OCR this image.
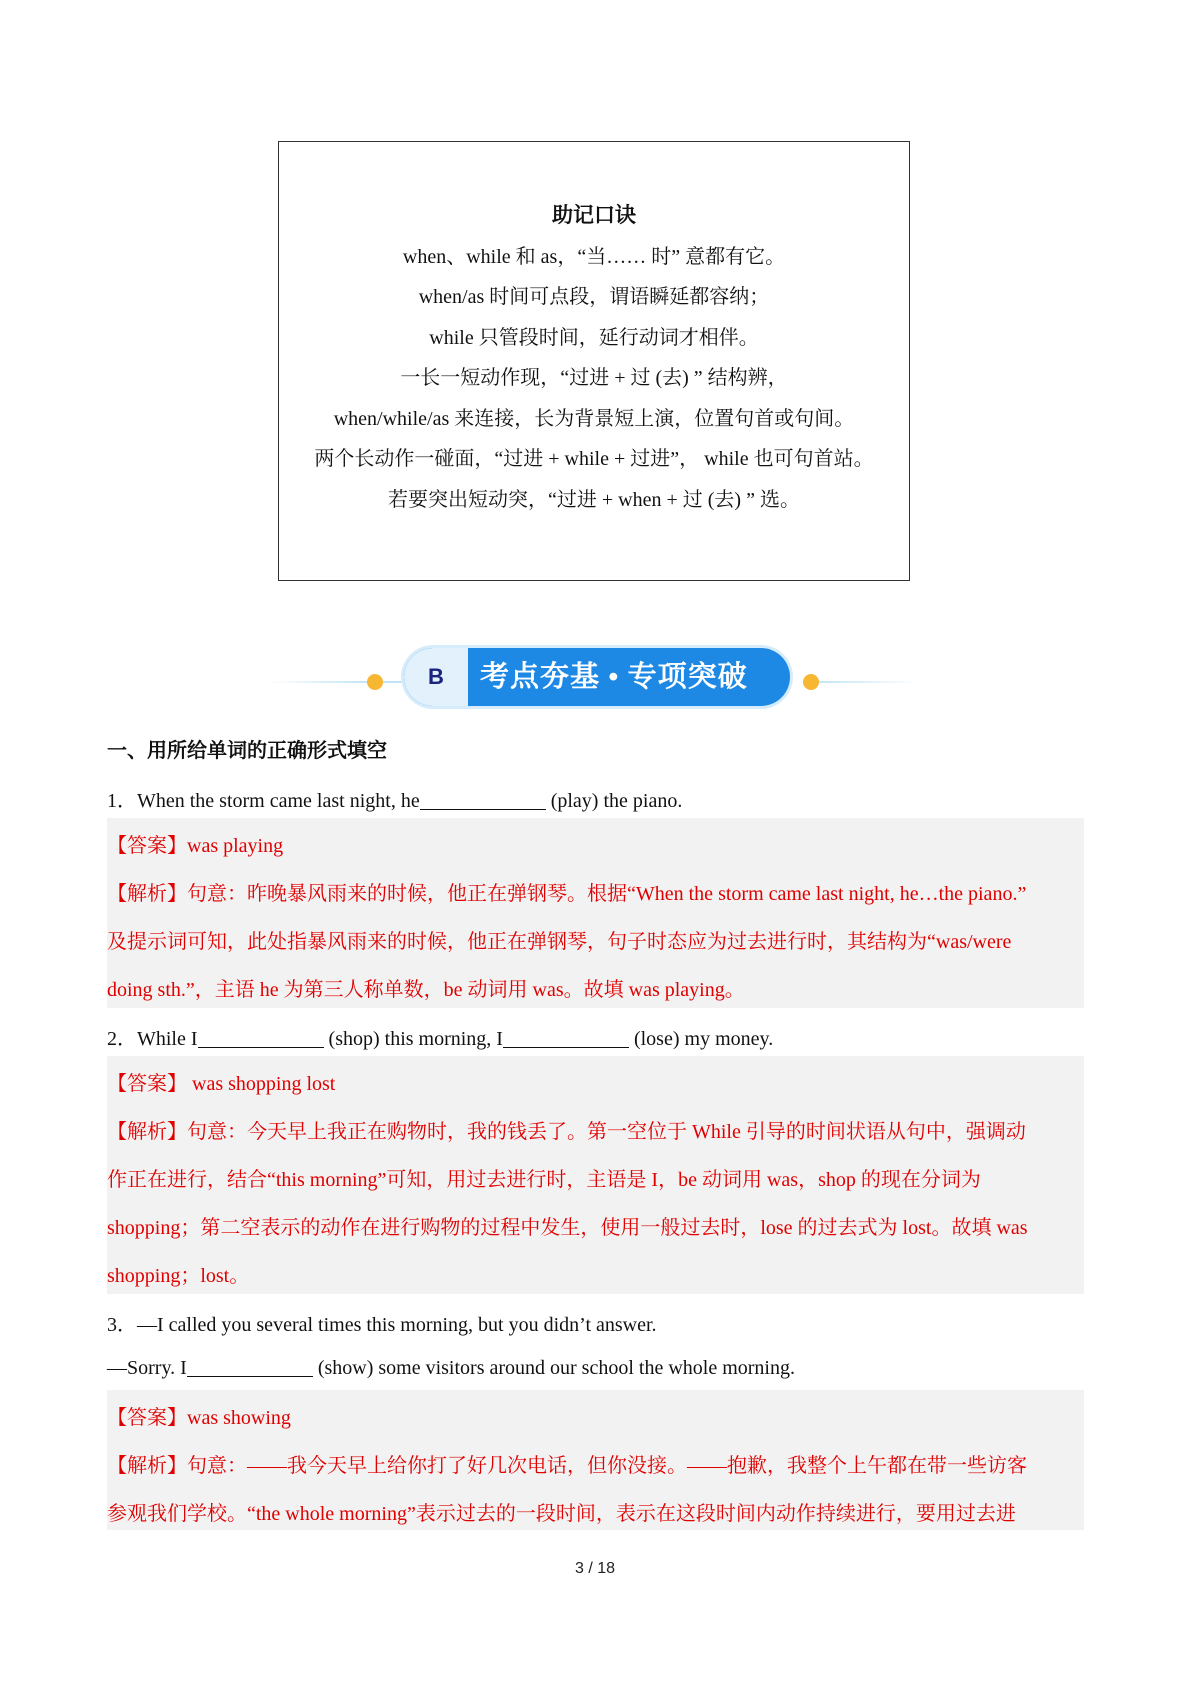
助记口诀
when、while 和 as，“当…… 时” 意都有它。
when/as 时间可点段，谓语瞬延都容纳；
while 只管段时间，延行动词才相伴。
一长一短动作现，“过进 + 过 (去) ” 结构辨，
when/while/as 来连接，长为背景短上演，位置句首或句间。
两个长动作一碰面，“过进 + while + 过进”， while 也可句首站。
若要突出短动突，“过进 + when + 过 (去) ” 选。
B	考点夯基 • 专项突破
一、用所给单词的正确形式填空
1．When the storm came last night, he	(play) the piano.
【答案】was playing
【解析】句意：昨晚暴风雨来的时候，他正在弹钢琴。根据“When the storm came last night, he…the piano.”
及提示词可知，此处指暴风雨来的时候，他正在弹钢琴，句子时态应为过去进行时，其结构为“was/were
doing sth.”，主语 he 为第三人称单数，be 动词用 was。故填 was playing。
2．While I	(shop) this morning, I	(lose) my money.
【答案】 was shopping lost
【解析】句意：今天早上我正在购物时，我的钱丢了。第一空位于 While 引导的时间状语从句中，强调动
作正在进行，结合“this morning”可知，用过去进行时，主语是 I，be 动词用 was，shop 的现在分词为
shopping；第二空表示的动作在进行购物的过程中发生，使用一般过去时，lose 的过去式为 lost。故填 was
shopping；lost。
3．—I called you several times this morning, but you didn’t answer.
—Sorry. I	(show) some visitors around our school the whole morning.
【答案】was showing
【解析】句意：——我今天早上给你打了好几次电话，但你没接。——抱歉，我整个上午都在带一些访客
参观我们学校。“the whole morning”表示过去的一段时间，表示在这段时间内动作持续进行，要用过去进
3 / 18
